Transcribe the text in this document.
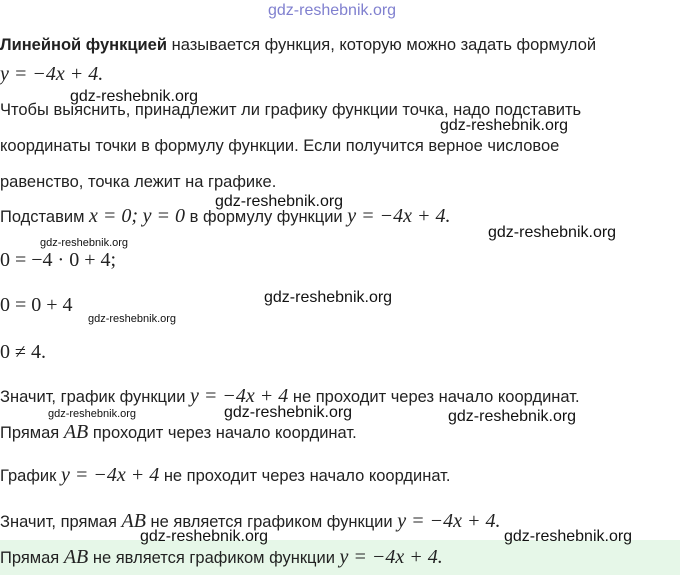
gdz-reshebnik.org
Линейной функцией называется функция, которую можно задать формулой
y = −4x + 4.
Чтобы выяснить, принадлежит ли графику функции точка, надо подставить
координаты точки в формулу функции. Если получится верное числовое
равенство, точка лежит на графике.
Подставим x = 0; y = 0 в формулу функции y = −4x + 4.
0 = −4 · 0 + 4;
0 = 0 + 4
0 ≠ 4.
Значит, график функции y = −4x + 4 не проходит через начало координат.
Прямая AB проходит через начало координат.
График y = −4x + 4 не проходит через начало координат.
Значит, прямая AB не является графиком функции y = −4x + 4.
Прямая AB не является графиком функции y = −4x + 4.
gdz-reshebnik.org
gdz-reshebnik.org
gdz-reshebnik.org
gdz-reshebnik.org
gdz-reshebnik.org
gdz-reshebnik.org
gdz-reshebnik.org
gdz-reshebnik.org	gdz-reshebnik.org	gdz-reshebnik.org
gdz-reshebnik.org	gdz-reshebnik.org
